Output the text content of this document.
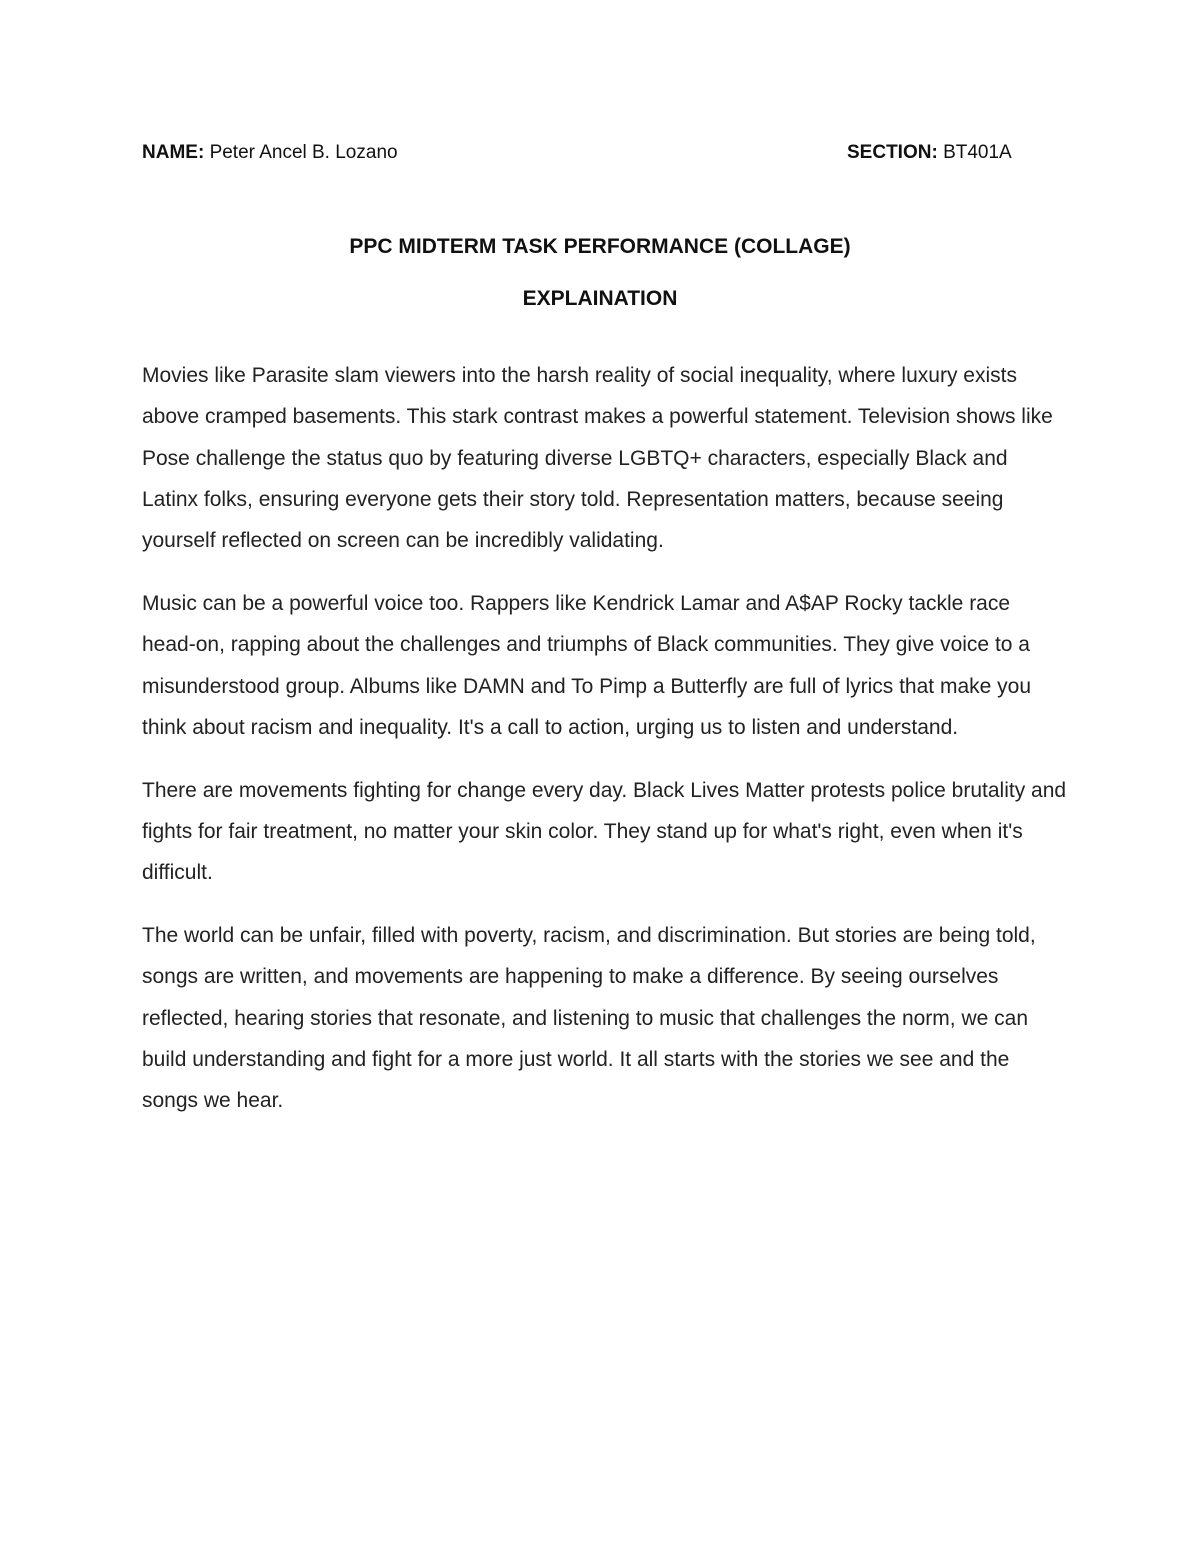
NAME: Peter Ancel B. Lozano	SECTION: BT401A
PPC MIDTERM TASK PERFORMANCE (COLLAGE)
EXPLAINATION

Movies like Parasite slam viewers into the harsh reality of social inequality, where luxury exists above cramped basements. This stark contrast makes a powerful statement. Television shows like Pose challenge the status quo by featuring diverse LGBTQ+ characters, especially Black and Latinx folks, ensuring everyone gets their story told. Representation matters, because seeing yourself reflected on screen can be incredibly validating.

Music can be a powerful voice too. Rappers like Kendrick Lamar and A$AP Rocky tackle race head-on, rapping about the challenges and triumphs of Black communities. They give voice to a misunderstood group. Albums like DAMN and To Pimp a Butterfly are full of lyrics that make you think about racism and inequality. It's a call to action, urging us to listen and understand.

There are movements fighting for change every day. Black Lives Matter protests police brutality and fights for fair treatment, no matter your skin color. They stand up for what's right, even when it's difficult.

The world can be unfair, filled with poverty, racism, and discrimination. But stories are being told, songs are written, and movements are happening to make a difference. By seeing ourselves reflected, hearing stories that resonate, and listening to music that challenges the norm, we can build understanding and fight for a more just world. It all starts with the stories we see and the songs we hear.
